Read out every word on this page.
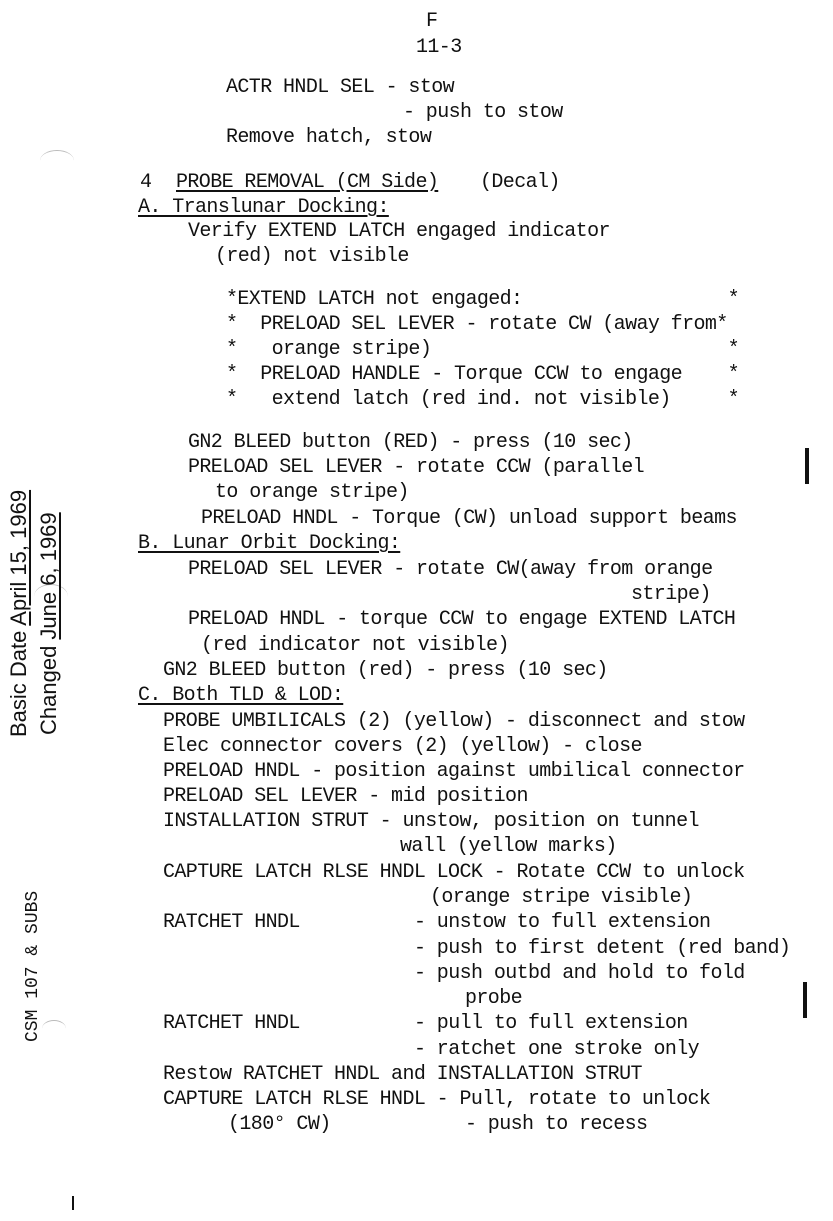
F
11-3
ACTR HNDL SEL - stow
- push to stow
Remove hatch, stow
4 PROBE REMOVAL (CM Side) (Decal)
A. Translunar Docking:
Verify EXTEND LATCH engaged indicator
(red) not visible
*EXTEND LATCH not engaged:                  *
*  PRELOAD SEL LEVER - rotate CW (away from*
*   orange stripe)                          *
*  PRELOAD HANDLE - Torque CCW to engage    *
*   extend latch (red ind. not visible)     *
GN2 BLEED button (RED) - press (10 sec)
PRELOAD SEL LEVER - rotate CCW (parallel
to orange stripe)
PRELOAD HNDL - Torque (CW) unload support beams
B. Lunar Orbit Docking:
PRELOAD SEL LEVER - rotate CW(away from orange
stripe)
PRELOAD HNDL - torque CCW to engage EXTEND LATCH
(red indicator not visible)
GN2 BLEED button (red) - press (10 sec)
C. Both TLD & LOD:
PROBE UMBILICALS (2) (yellow) - disconnect and stow
Elec connector covers (2) (yellow) - close
PRELOAD HNDL - position against umbilical connector
PRELOAD SEL LEVER - mid position
INSTALLATION STRUT - unstow, position on tunnel
wall (yellow marks)
CAPTURE LATCH RLSE HNDL LOCK - Rotate CCW to unlock
(orange stripe visible)
RATCHET HNDL	- unstow to full extension
- push to first detent (red band)
- push outbd and hold to fold
probe
RATCHET HNDL	- pull to full extension
- ratchet one stroke only
Restow RATCHET HNDL and INSTALLATION STRUT
CAPTURE LATCH RLSE HNDL - Pull, rotate to unlock
(180° CW)	- push to recess
Basic Date April 15, 1969
Changed June 6, 1969
CSM 107 & SUBS
